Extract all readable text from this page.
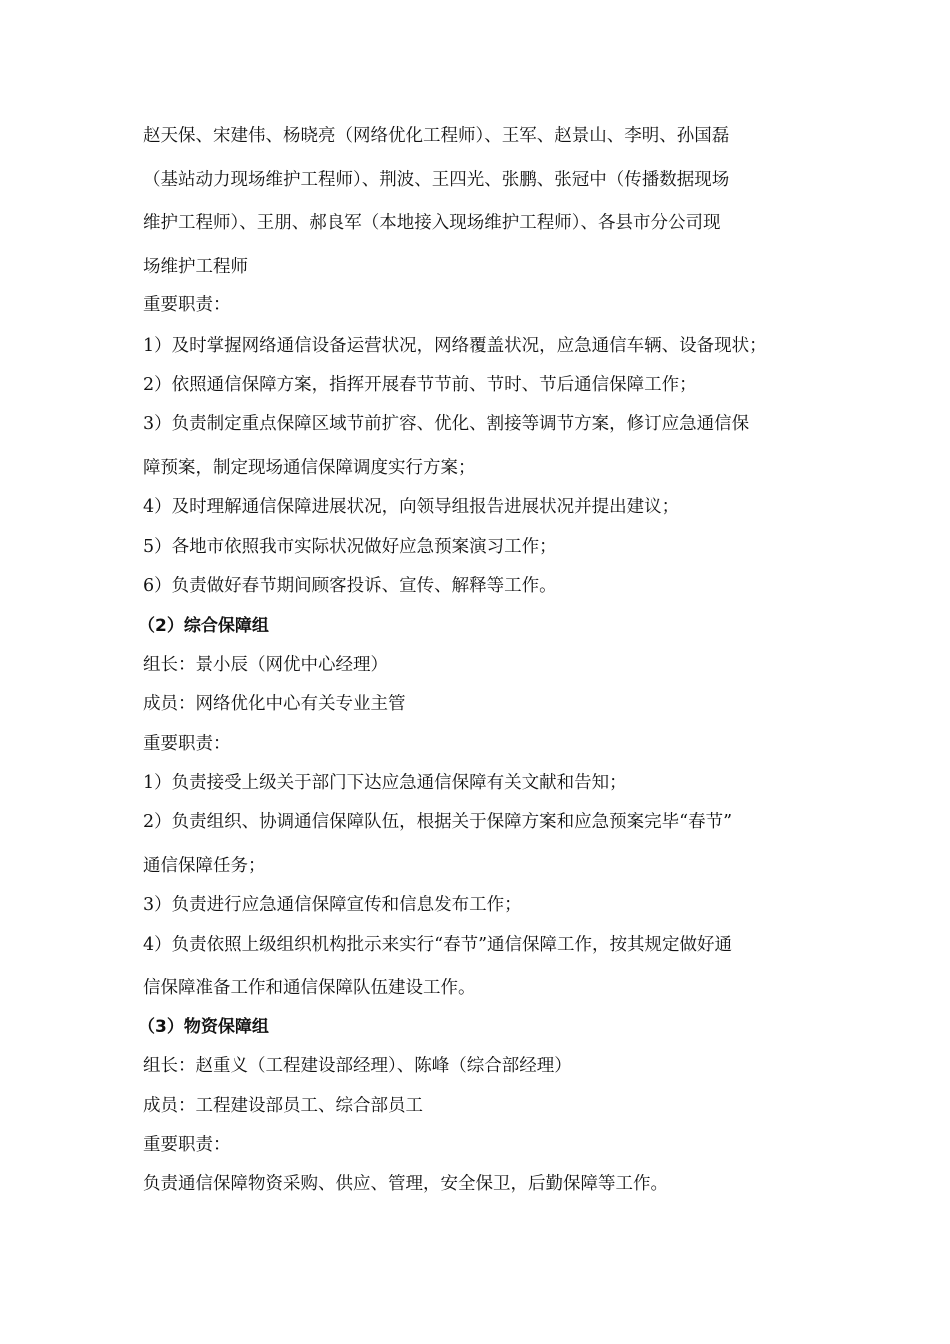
赵天保、宋建伟、杨晓亮（网络优化工程师）、王军、赵景山、李明、孙国磊
（基站动力现场维护工程师）、荆波、王四光、张鹏、张冠中（传播数据现场
维护工程师）、王朋、郝良军（本地接入现场维护工程师）、各县市分公司现
场维护工程师
重要职责：
1）及时掌握网络通信设备运营状况，网络覆盖状况，应急通信车辆、设备现状；
2）依照通信保障方案，指挥开展春节节前、节时、节后通信保障工作；
3）负责制定重点保障区域节前扩容、优化、割接等调节方案，修订应急通信保
障预案，制定现场通信保障调度实行方案；
4）及时理解通信保障进展状况，向领导组报告进展状况并提出建议；
5）各地市依照我市实际状况做好应急预案演习工作；
6）负责做好春节期间顾客投诉、宣传、解释等工作。
（2）综合保障组
组长：景小辰（网优中心经理）
成员：网络优化中心有关专业主管
重要职责：
1）负责接受上级关于部门下达应急通信保障有关文献和告知；
2）负责组织、协调通信保障队伍，根据关于保障方案和应急预案完毕“春节”
通信保障任务；
3）负责进行应急通信保障宣传和信息发布工作；
4）负责依照上级组织机构批示来实行“春节”通信保障工作，按其规定做好通
信保障准备工作和通信保障队伍建设工作。
（3）物资保障组
组长：赵重义（工程建设部经理）、陈峰（综合部经理）
成员：工程建设部员工、综合部员工
重要职责：
负责通信保障物资采购、供应、管理，安全保卫，后勤保障等工作。
